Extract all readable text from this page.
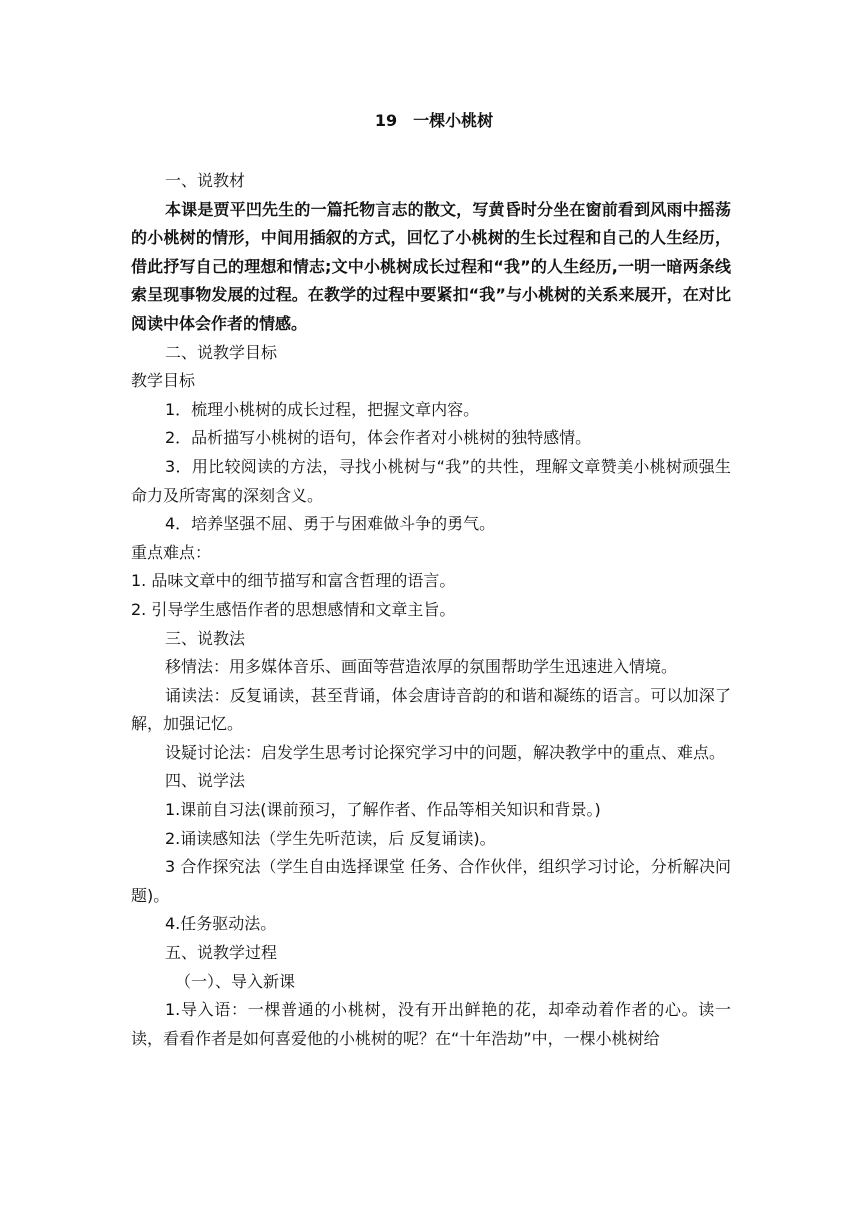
19　一棵小桃树

一、说教材

本课是贾平凹先生的一篇托物言志的散文，写黄昏时分坐在窗前看到风雨中摇荡的小桃树的情形，中间用插叙的方式，回忆了小桃树的生长过程和自己的人生经历，借此抒写自己的理想和情志;文中小桃树成长过程和“我”的人生经历,一明一暗两条线索呈现事物发展的过程。在教学的过程中要紧扣“我”与小桃树的关系来展开，在对比阅读中体会作者的情感。

二、说教学目标

教学目标

1．梳理小桃树的成长过程，把握文章内容。

2．品析描写小桃树的语句，体会作者对小桃树的独特感情。

3．用比较阅读的方法，寻找小桃树与“我”的共性，理解文章赞美小桃树顽强生命力及所寄寓的深刻含义。

4．培养坚强不屈、勇于与困难做斗争的勇气。

重点难点：

1. 品味文章中的细节描写和富含哲理的语言。

2. 引导学生感悟作者的思想感情和文章主旨。

三、说教法

移情法：用多媒体音乐、画面等营造浓厚的氛围帮助学生迅速进入情境。

诵读法：反复诵读，甚至背诵，体会唐诗音韵的和谐和凝练的语言。可以加深了解，加强记忆。

设疑讨论法：启发学生思考讨论探究学习中的问题，解决教学中的重点、难点。

四、说学法

1.课前自习法(课前预习，了解作者、作品等相关知识和背景。)

2.诵读感知法（学生先听范读，后 反复诵读)。

3 合作探究法（学生自由选择课堂 任务、合作伙伴，组织学习讨论，分析解决问题)。

4.任务驱动法。

五、说教学过程

（一）、导入新课

1.导入语：一棵普通的小桃树，没有开出鲜艳的花，却牵动着作者的心。读一读，看看作者是如何喜爱他的小桃树的呢？在“十年浩劫”中，一棵小桃树给
